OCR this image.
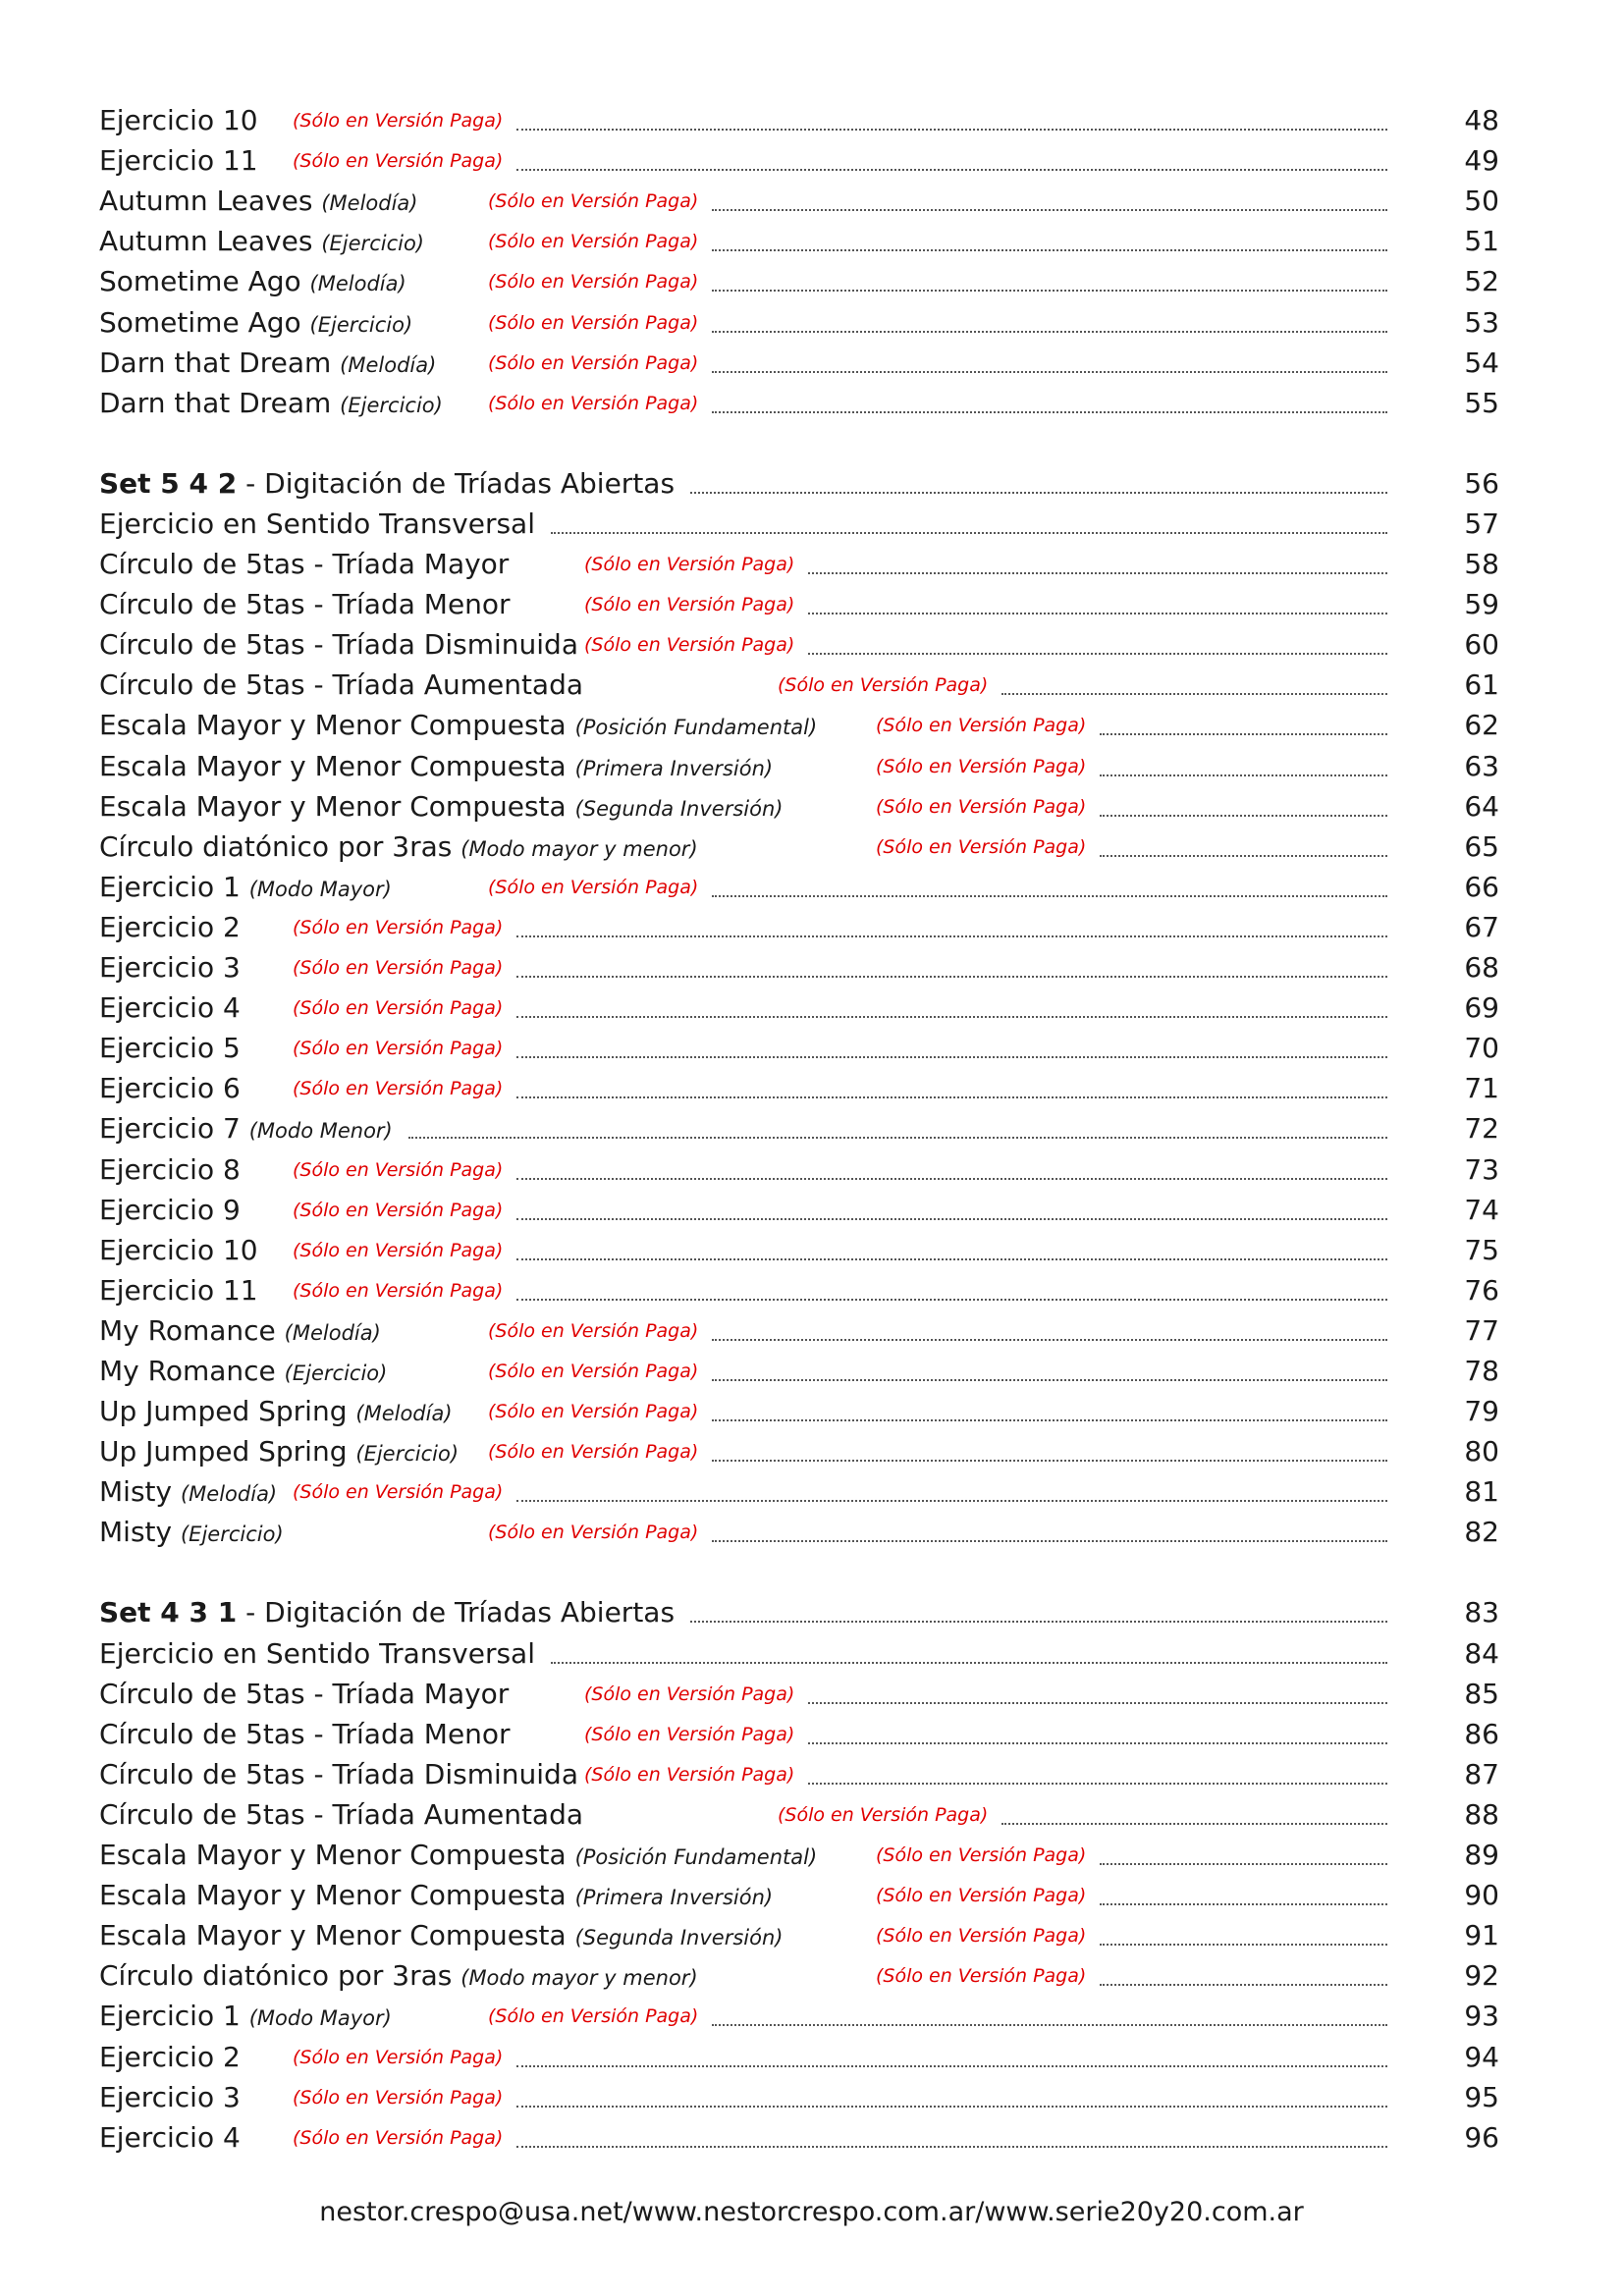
Ejercicio 10 (Sólo en Versión Paga)	48
Ejercicio 11 (Sólo en Versión Paga)	49
Autumn Leaves (Melodía)	(Sólo en Versión Paga)	50
Autumn Leaves (Ejercicio)	(Sólo en Versión Paga)	51
Sometime Ago (Melodía)	(Sólo en Versión Paga)	52
Sometime Ago (Ejercicio)	(Sólo en Versión Paga)	53
Darn that Dream (Melodía)	(Sólo en Versión Paga)	54
Darn that Dream (Ejercicio) (Sólo en Versión Paga)	55
Set 5 4 2 - Digitación de Tríadas Abiertas	56
Ejercicio en Sentido Transversal	57
Círculo de 5tas - Tríada Mayor	(Sólo en Versión Paga)	58
Círculo de 5tas - Tríada Menor	(Sólo en Versión Paga)	59
Círculo de 5tas - Tríada Disminuida (Sólo en Versión Paga)	60
Círculo de 5tas - Tríada Aumentada	(Sólo en Versión Paga)	61
Escala Mayor y Menor Compuesta (Posición Fundamental)	(Sólo en Versión Paga)	62
Escala Mayor y Menor Compuesta (Primera Inversión)	(Sólo en Versión Paga)	63
Escala Mayor y Menor Compuesta (Segunda Inversión)	(Sólo en Versión Paga)	64
Círculo diatónico por 3ras (Modo mayor y menor)	(Sólo en Versión Paga)	65
Ejercicio 1 (Modo Mayor)	(Sólo en Versión Paga)	66
Ejercicio 2	(Sólo en Versión Paga)	67
Ejercicio 3	(Sólo en Versión Paga)	68
Ejercicio 4	(Sólo en Versión Paga)	69
Ejercicio 5	(Sólo en Versión Paga)	70
Ejercicio 6	(Sólo en Versión Paga)	71
Ejercicio 7 (Modo Menor)	72
Ejercicio 8	(Sólo en Versión Paga)	73
Ejercicio 9	(Sólo en Versión Paga)	74
Ejercicio 10 (Sólo en Versión Paga)	75
Ejercicio 11 (Sólo en Versión Paga)	76
My Romance (Melodía)	(Sólo en Versión Paga)	77
My Romance (Ejercicio)	(Sólo en Versión Paga)	78
Up Jumped Spring (Melodía) (Sólo en Versión Paga)	79
Up Jumped Spring (Ejercicio) (Sólo en Versión Paga)	80
Misty (Melodía) (Sólo en Versión Paga)	81
Misty (Ejercicio)	(Sólo en Versión Paga)	82
Set 4 3 1 - Digitación de Tríadas Abiertas	83
Ejercicio en Sentido Transversal	84
Círculo de 5tas - Tríada Mayor	(Sólo en Versión Paga)	85
Círculo de 5tas - Tríada Menor	(Sólo en Versión Paga)	86
Círculo de 5tas - Tríada Disminuida (Sólo en Versión Paga)	87
Círculo de 5tas - Tríada Aumentada	(Sólo en Versión Paga)	88
Escala Mayor y Menor Compuesta (Posición Fundamental)	(Sólo en Versión Paga)	89
Escala Mayor y Menor Compuesta (Primera Inversión)	(Sólo en Versión Paga)	90
Escala Mayor y Menor Compuesta (Segunda Inversión)	(Sólo en Versión Paga)	91
Círculo diatónico por 3ras (Modo mayor y menor)	(Sólo en Versión Paga)	92
Ejercicio 1 (Modo Mayor)	(Sólo en Versión Paga)	93
Ejercicio 2	(Sólo en Versión Paga)	94
Ejercicio 3	(Sólo en Versión Paga)	95
Ejercicio 4	(Sólo en Versión Paga)	96
nestor.crespo@usa.net/www.nestorcrespo.com.ar/www.serie20y20.com.ar
